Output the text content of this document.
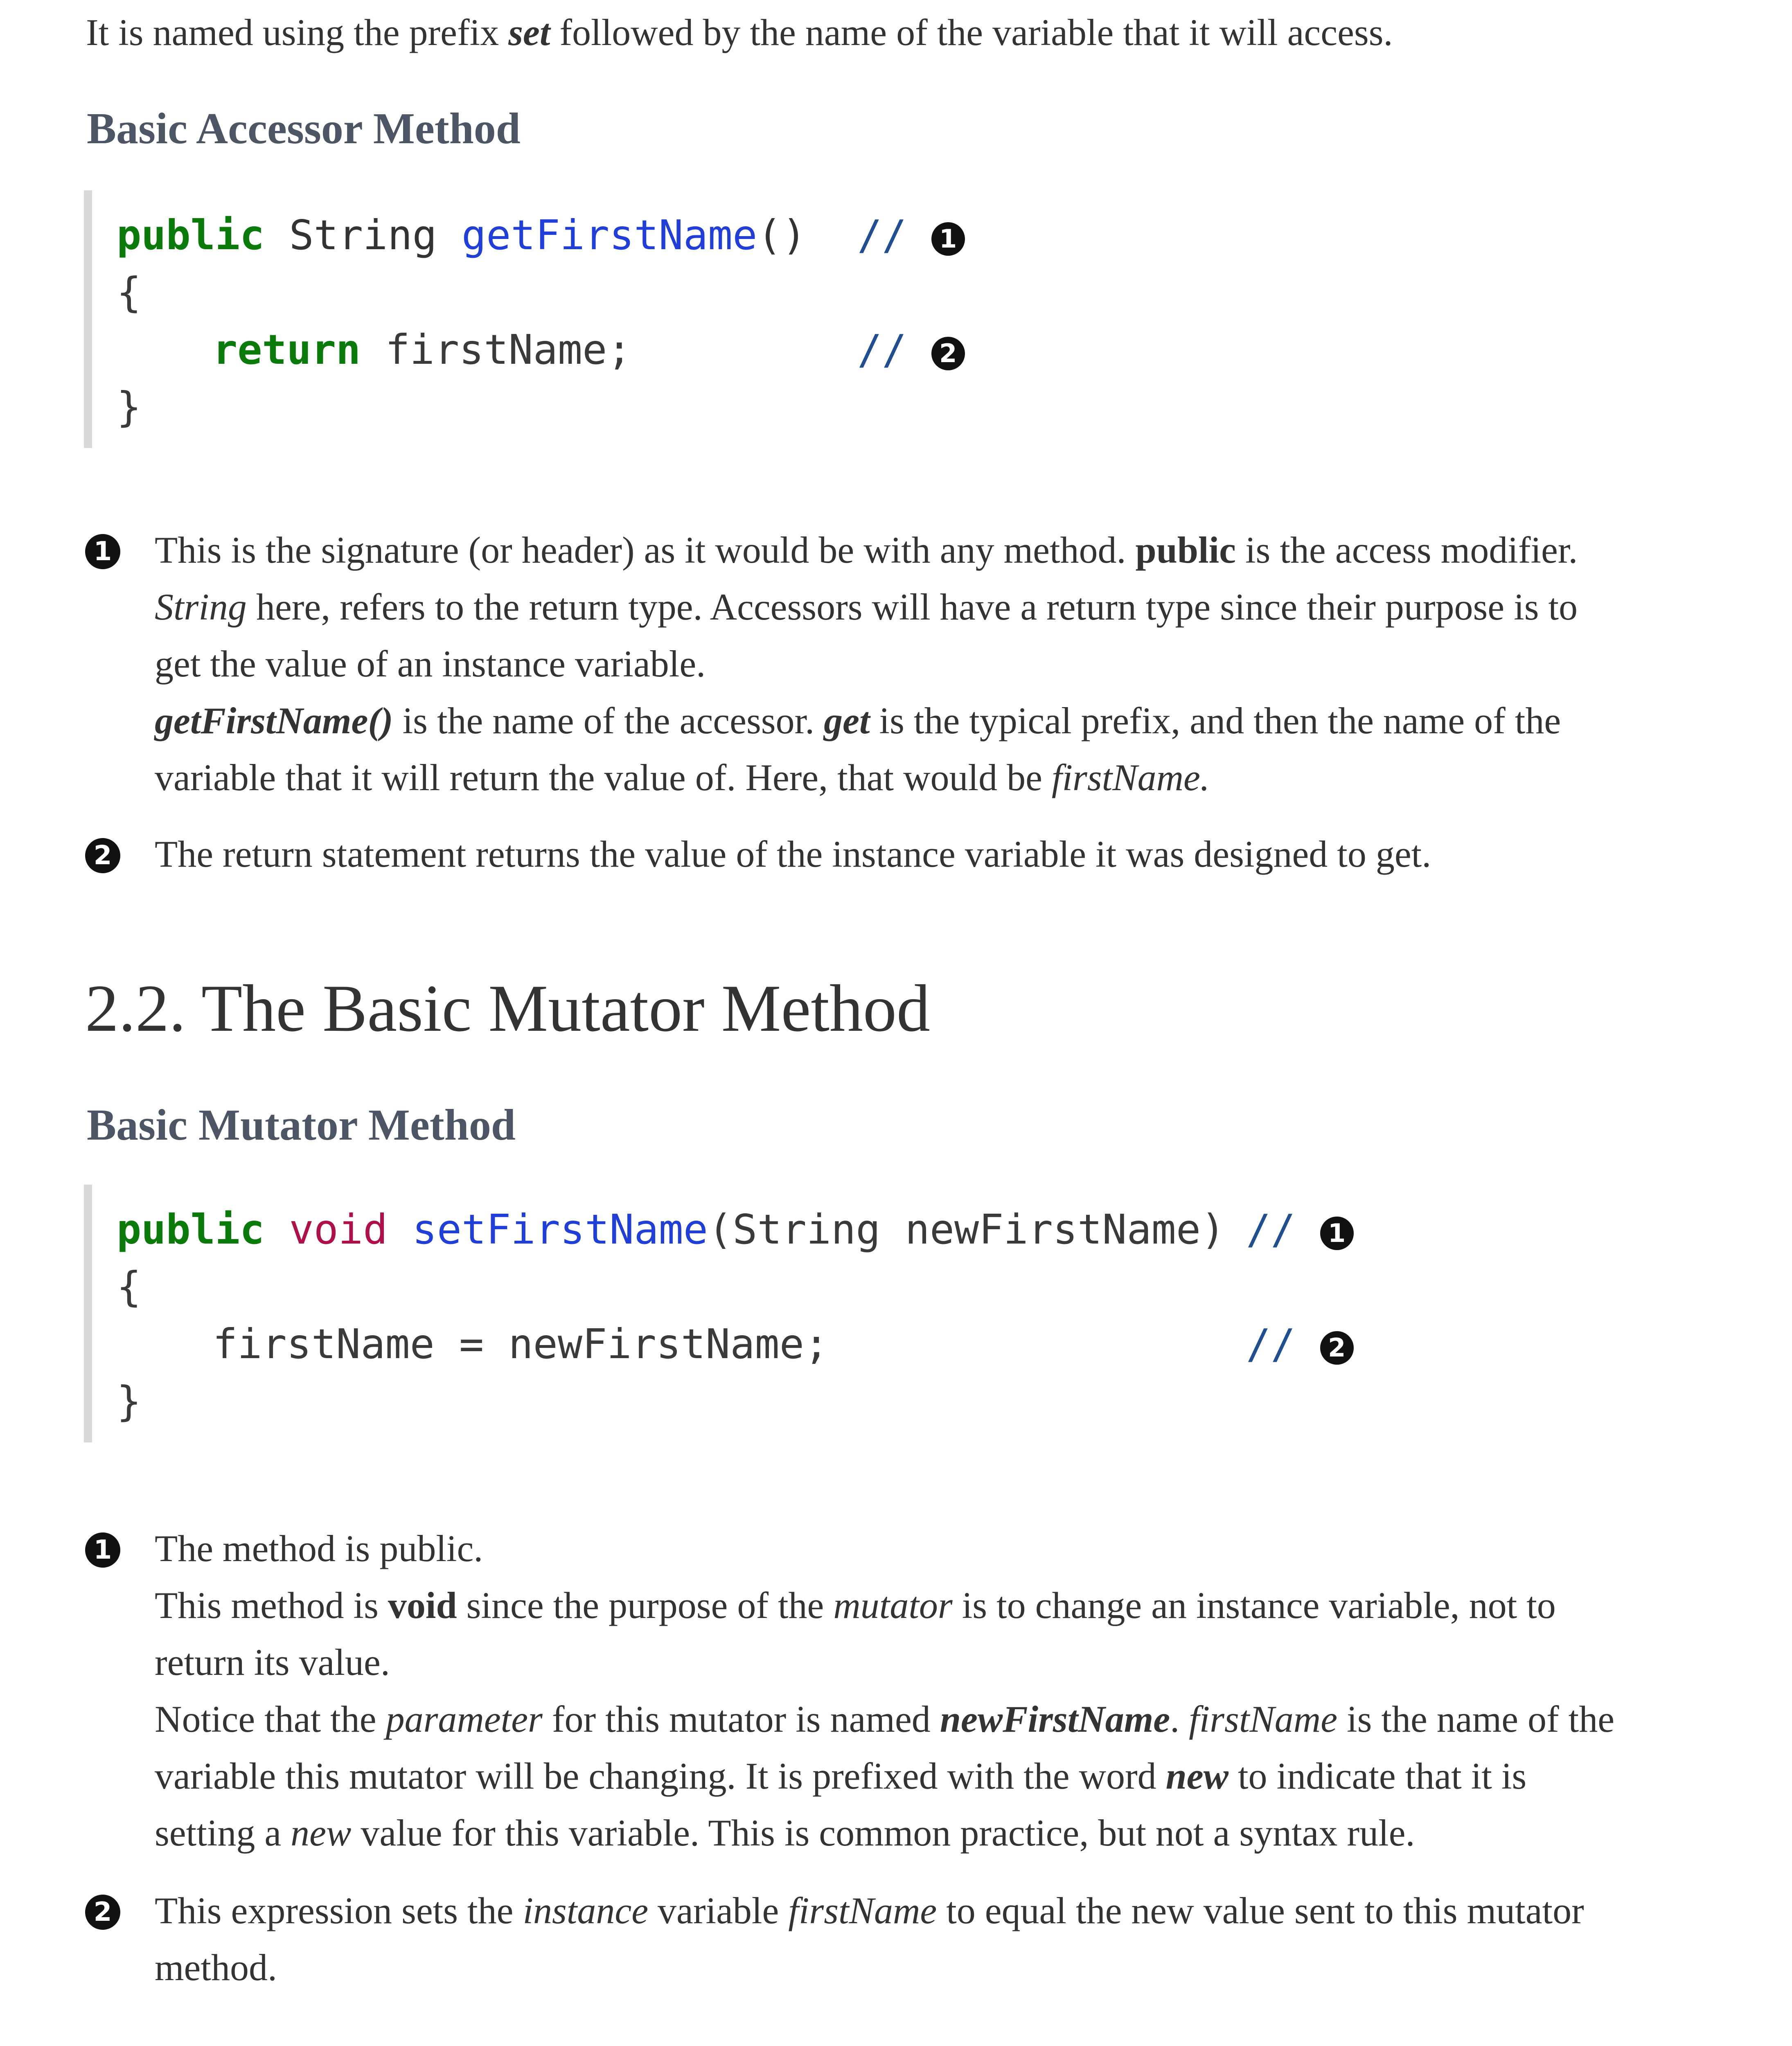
It is named using the prefix set followed by the name of the variable that it will access.

Basic Accessor Method
public String getFirstName() // 1
{
return firstName;	// 2
}
1 This is the signature (or header) as it would be with any method. public is the access modifier.
String here, refers to the return type. Accessors will have a return type since their purpose is to
get the value of an instance variable.
getFirstName() is the name of the accessor. get is the typical prefix, and then the name of the
variable that it will return the value of. Here, that would be firstName.
2 The return statement returns the value of the instance variable it was designed to get.
2.2. The Basic Mutator Method
Basic Mutator Method
public void setFirstName(String newFirstName) // 1
{
firstName = newFirstName;	// 2
}
1 The method is public.
This method is void since the purpose of the mutator is to change an instance variable, not to
return its value.
Notice that the parameter for this mutator is named newFirstName. firstName is the name of the
variable this mutator will be changing. It is prefixed with the word new to indicate that it is
setting a new value for this variable. This is common practice, but not a syntax rule.
2 This expression sets the instance variable firstName to equal the new value sent to this mutator
method.
